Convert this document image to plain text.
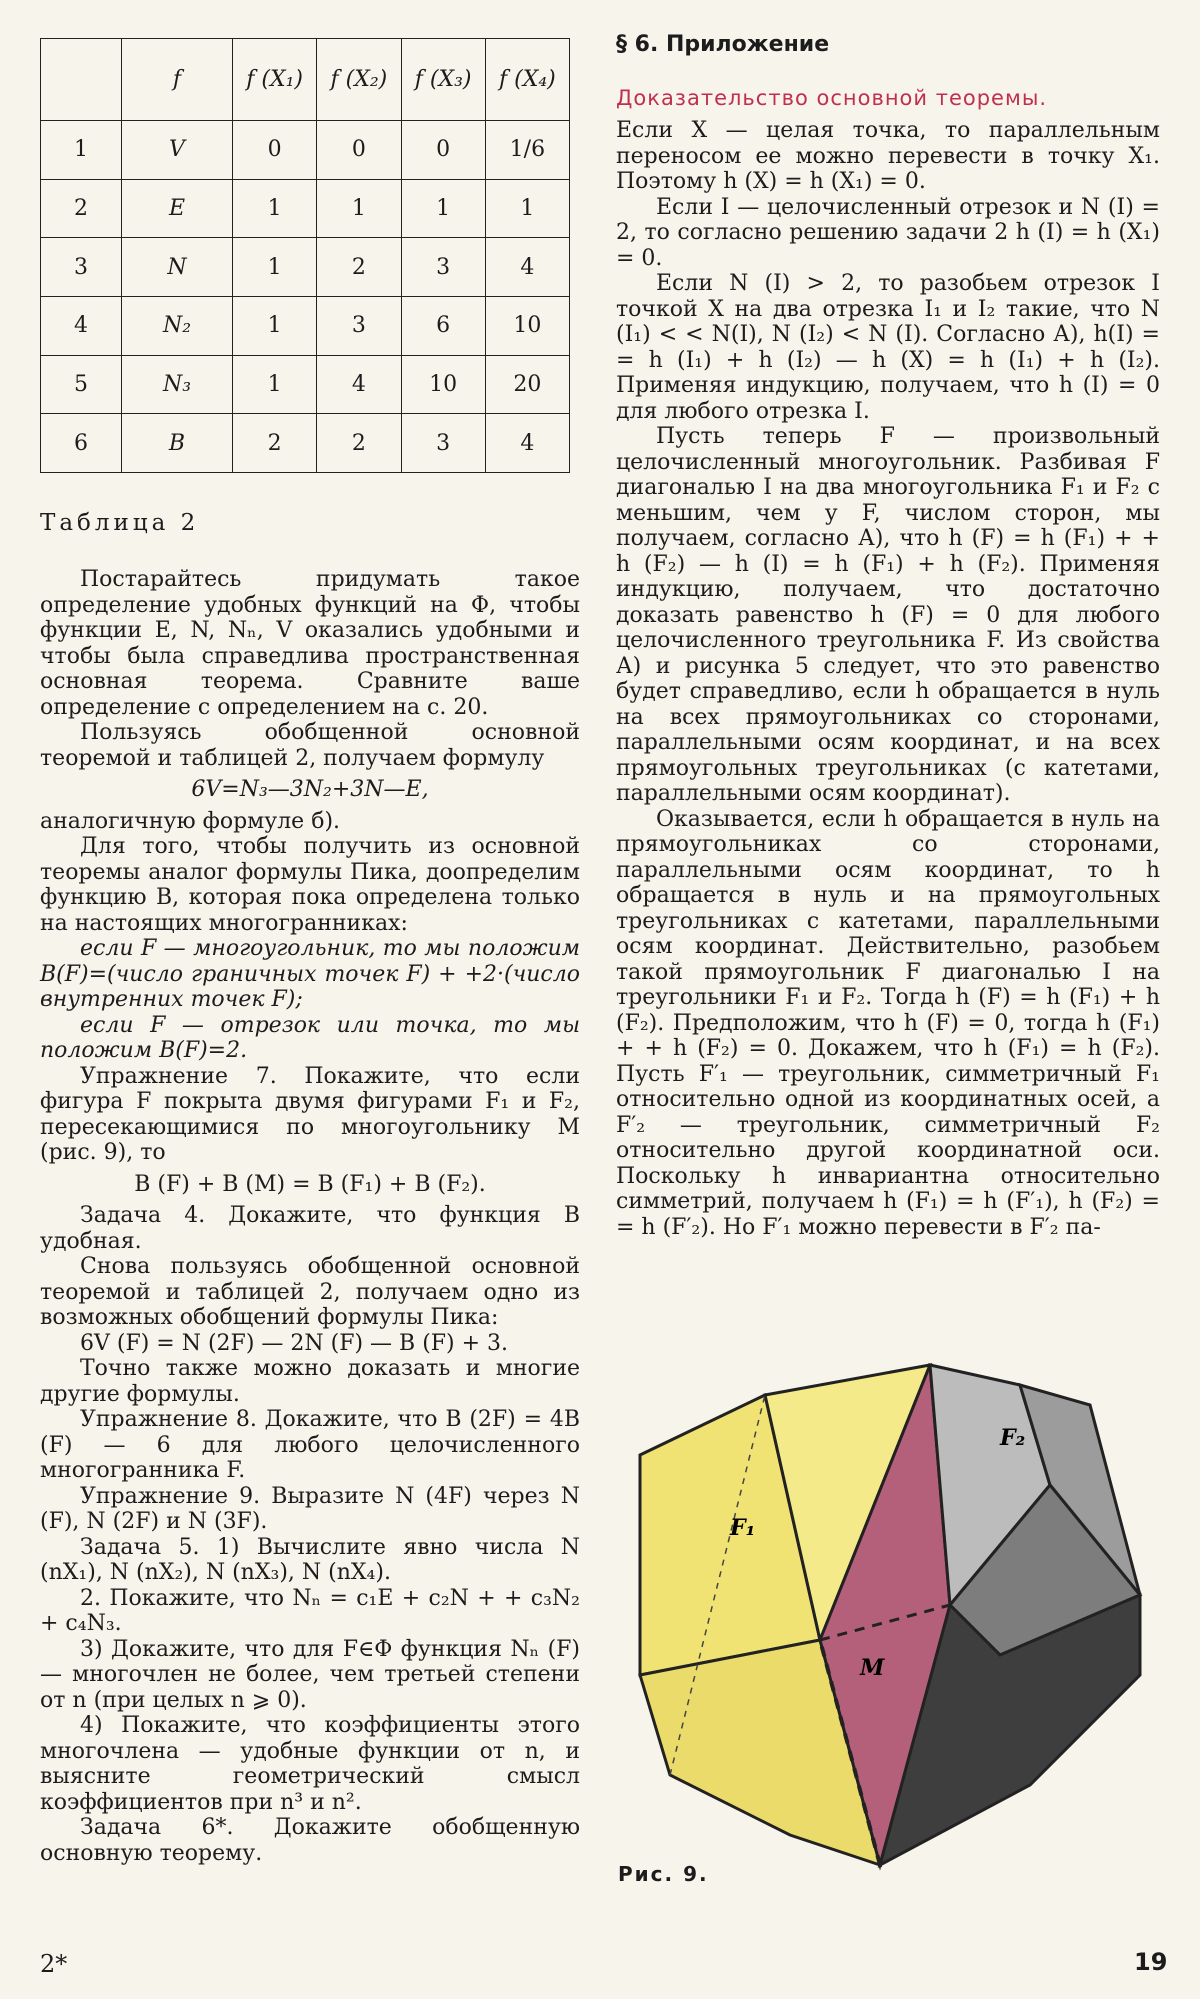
	f	f (X₁)	f (X₂)	f (X₃)	f (X₄)
1	V	0	0	0	1/6
2	E	1	1	1	1
3	N	1	2	3	4
4	N₂	1	3	6	10
5	N₃	1	4	10	20
6	B	2	2	3	4
Таблица 2

Постарайтесь придумать такое определение удобных функций на Φ, чтобы функции E, N, Nₙ, V оказались удобными и чтобы была справедлива пространственная основная теорема. Сравните ваше определение с определением на с. 20.

Пользуясь обобщенной основной теоремой и таблицей 2, получаем формулу

6V=N₃—3N₂+3N—E,

аналогичную формуле б).

Для того, чтобы получить из основной теоремы аналог формулы Пика, доопределим функцию B, которая пока определена только на настоящих многогранниках:

если F — многоугольник, то мы положим B(F)=(число граничных точек F) + +2·(число внутренних точек F);

если F — отрезок или точка, то мы положим B(F)=2.

Упражнение 7. Покажите, что если фигура F покрыта двумя фигурами F₁ и F₂, пересекающимися по многоугольнику M (рис. 9), то

B (F) + B (M) = B (F₁) + B (F₂).

Задача 4. Докажите, что функция B удобная.

Снова пользуясь обобщенной основной теоремой и таблицей 2, получаем одно из возможных обобщений формулы Пика:

6V (F) = N (2F) — 2N (F) — B (F) + 3.

Точно также можно доказать и многие другие формулы.

Упражнение 8. Докажите, что B (2F) = 4B (F) — 6 для любого целочисленного многогранника F.

Упражнение 9. Выразите N (4F) через N (F), N (2F) и N (3F).

Задача 5. 1) Вычислите явно числа N (nX₁), N (nX₂), N (nX₃), N (nX₄).

2. Покажите, что Nₙ = c₁E + c₂N + + c₃N₂ + c₄N₃.

3) Докажите, что для F∈Φ функция Nₙ (F) — многочлен не более, чем третьей степени от n (при целых n ⩾ 0).

4) Покажите, что коэффициенты этого многочлена — удобные функции от n, и выясните геометрический смысл коэффициентов при n³ и n².

Задача 6*. Докажите обобщенную основную теорему.

§ 6. Приложение
Доказательство основной теоремы.

Если X — целая точка, то параллельным переносом ее можно перевести в точку X₁. Поэтому h (X) = h (X₁) = 0.

Если I — целочисленный отрезок и N (I) = 2, то согласно решению задачи 2 h (I) = h (X₁) = 0.

Если N (I) > 2, то разобьем отрезок I точкой X на два отрезка I₁ и I₂ такие, что N (I₁) < < N(I), N (I₂) < N (I). Согласно А), h(I) = = h (I₁) + h (I₂) — h (X) = h (I₁) + h (I₂). Применяя индукцию, получаем, что h (I) = 0 для любого отрезка I.

Пусть теперь F — произвольный целочисленный многоугольник. Разбивая F диагональю I на два многоугольника F₁ и F₂ с меньшим, чем у F, числом сторон, мы получаем, согласно А), что h (F) = h (F₁) + + h (F₂) — h (I) = h (F₁) + h (F₂). Применяя индукцию, получаем, что достаточно доказать равенство h (F) = 0 для любого целочисленного треугольника F. Из свойства А) и рисунка 5 следует, что это равенство будет справедливо, если h обращается в нуль на всех прямоугольниках со сторонами, параллельными осям координат, и на всех прямоугольных треугольниках (с катетами, параллельными осям координат).

Оказывается, если h обращается в нуль на прямоугольниках со сторонами, параллельными осям координат, то h обращается в нуль и на прямоугольных треугольниках с катетами, параллельными осям координат. Действительно, разобьем такой прямоугольник F диагональю I на треугольники F₁ и F₂. Тогда h (F) = h (F₁) + h (F₂). Предположим, что h (F) = 0, тогда h (F₁) + + h (F₂) = 0. Докажем, что h (F₁) = h (F₂). Пусть F′₁ — треугольник, симметричный F₁ относительно одной из координатных осей, а F′₂ — треугольник, симметричный F₂ относительно другой координатной оси. Поскольку h инвариантна относительно симметрий, получаем h (F₁) = h (F′₁), h (F₂) = = h (F′₂). Но F′₁ можно перевести в F′₂ па-

F₁
F₂
M
Рис. 9.
2*	19
